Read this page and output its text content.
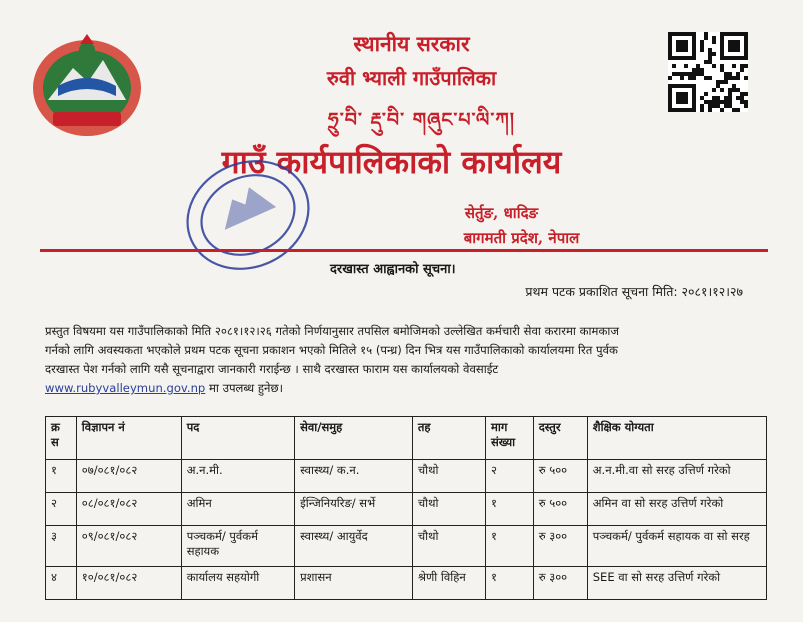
स्थानीय सरकार
रुवी भ्याली गाउँपालिका
ཧྲུ་བི་ རྡུ་བི་ གཞུང་པ་ལི་ཀ།
गाउँ कार्यपालिकाको कार्यालय
सेर्तुङ, धादिङ
बागमती प्रदेश, नेपाल
दरखास्त आह्वानको सूचना।
प्रथम पटक प्रकाशित सूचना मिति: २०८१।१२।२७
प्रस्तुत विषयमा यस गाउँपालिकाको मिति २०८१।१२।२६ गतेको निर्णयानुसार तपसिल बमोजिमको उल्लेखित कर्मचारी सेवा करारमा कामकाज
गर्नको लागि अवस्यकता भएकोले प्रथम पटक सूचना प्रकाशन भएको मितिले १५ (पन्ध्र) दिन भित्र यस गाउँपालिकाको कार्यालयमा रित पुर्वक
दरखास्त पेश गर्नको लागि यसै सूचनाद्वारा जानकारी गराईन्छ । साथै दरखास्त फाराम यस कार्यालयको वेवसाईट
www.rubyvalleymun.gov.np मा उपलब्ध हुनेछ।
क्र स	विज्ञापन नं	पद	सेवा/समुह	तह	माग संख्या	दस्तुर	शैक्षिक योग्यता
१	०७/०८१/०८२	अ.न.मी.	स्वास्थ्य/ क.न.	चौथो	२	रु ५००	अ.न.मी.वा सो सरह उत्तिर्ण गरेको
२	०८/०८१/०८२	अमिन	ईन्जिनियरिङ/ सर्भे	चौथो	१	रु ५००	अमिन वा सो सरह उत्तिर्ण गरेको
३	०९/०८१/०८२	पञ्चकर्म/ पुर्वकर्म सहायक	स्वास्थ्य/ आयुर्वेद	चौथो	१	रु ३००	पञ्चकर्म/ पुर्वकर्म सहायक वा सो सरह
४	१०/०८१/०८२	कार्यालय सहयोगी	प्रशासन	श्रेणी विहिन	१	रु ३००	SEE वा सो सरह उत्तिर्ण गरेको
